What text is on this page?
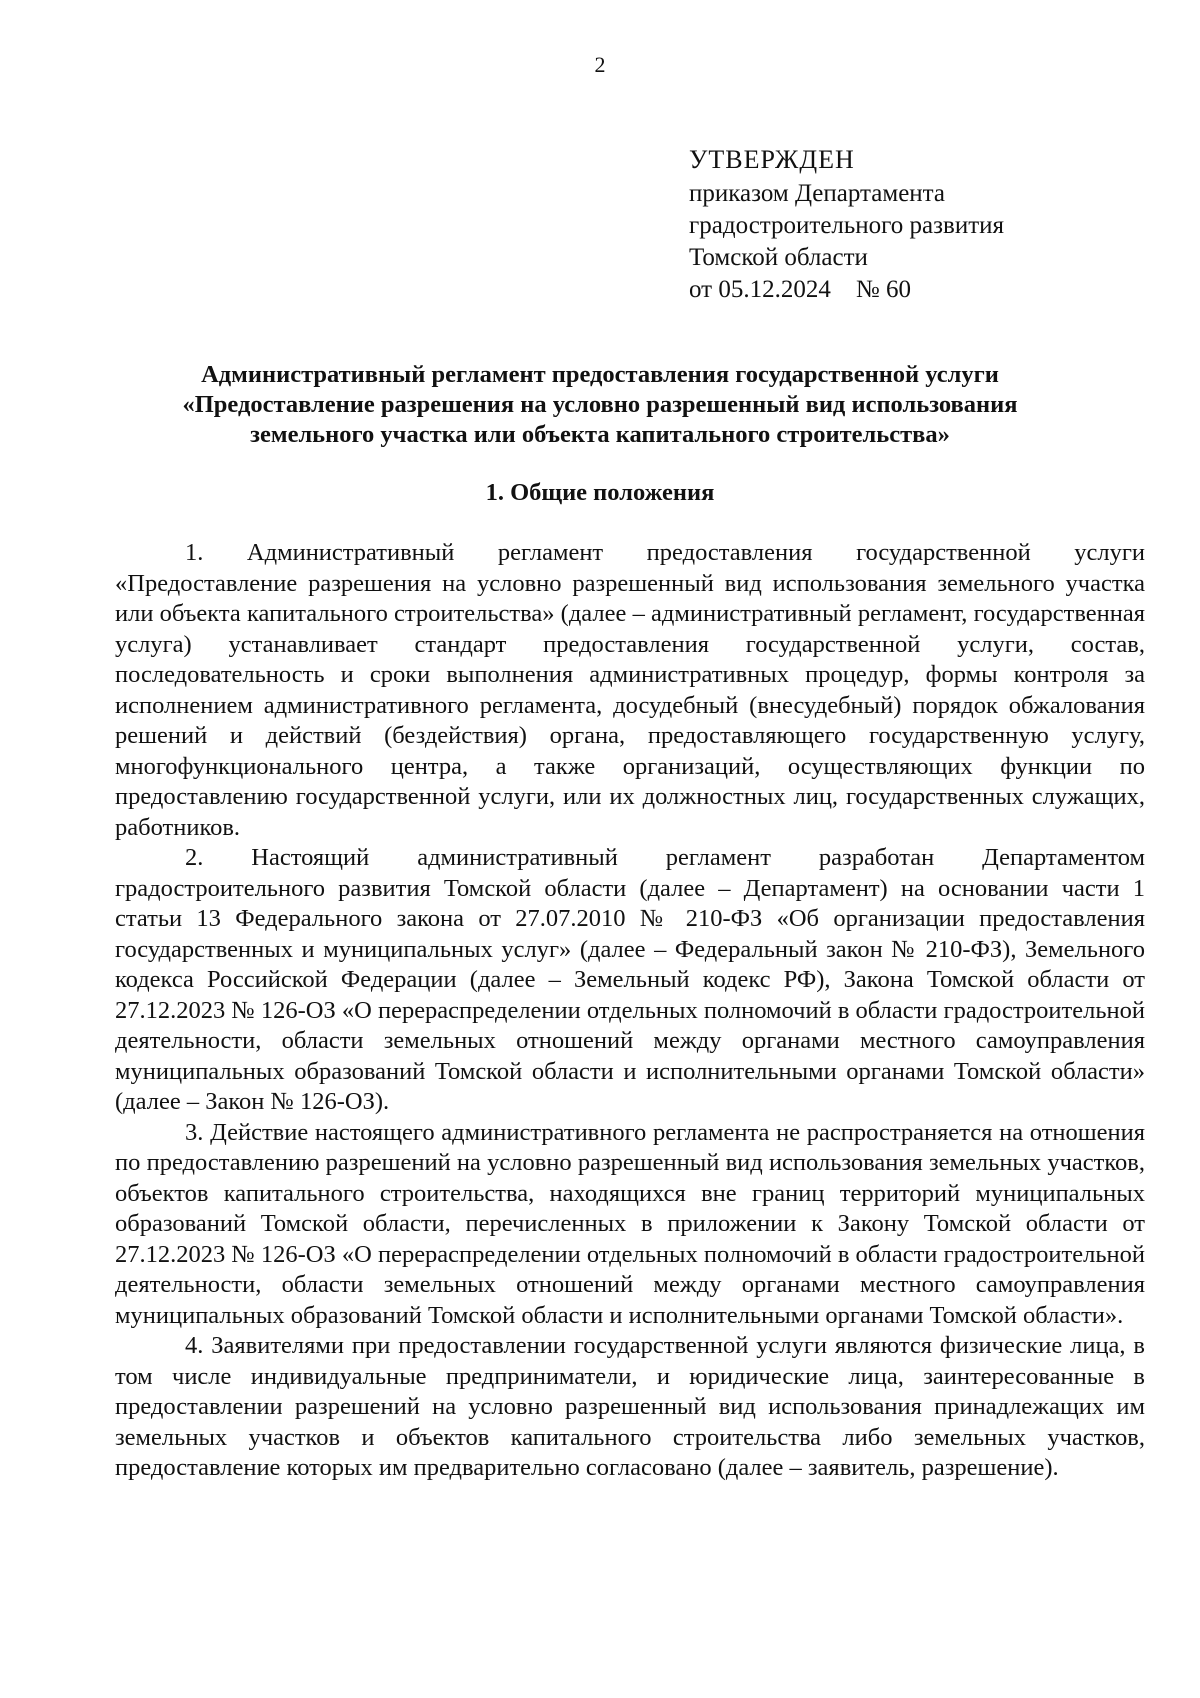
2
УТВЕРЖДЕН
приказом Департамента
градостроительного развития
Томской области
от 05.12.2024    № 60
Административный регламент предоставления государственной услуги
«Предоставление разрешения на условно разрешенный вид использования
земельного участка или объекта капитального строительства»
1. Общие положения

1. Административный регламент предоставления государственной услуги «Предоставление разрешения на условно разрешенный вид использования земельного участка или объекта капитального строительства» (далее – административный регламент, государственная услуга) устанавливает стандарт предоставления государственной услуги, состав, последовательность и сроки выполнения административных процедур, формы контроля за исполнением административного регламента, досудебный (внесудебный) порядок обжалования решений и действий (бездействия) органа, предоставляющего государственную услугу, многофункционального центра, а также организаций, осуществляющих функции по предоставлению государственной услуги, или их должностных лиц, государственных служащих, работников.

2. Настоящий административный регламент разработан Департаментом градостроительного развития Томской области (далее – Департамент) на основании части 1 статьи 13 Федерального закона от 27.07.2010 № 210-ФЗ «Об организации предоставления государственных и муниципальных услуг» (далее – Федеральный закон № 210-ФЗ), Земельного кодекса Российской Федерации (далее – Земельный кодекс РФ), Закона Томской области от 27.12.2023 № 126-ОЗ «О перераспределении отдельных полномочий в области градостроительной деятельности, области земельных отношений между органами местного самоуправления муниципальных образований Томской области и исполнительными органами Томской области» (далее – Закон № 126-ОЗ).

3. Действие настоящего административного регламента не распространяется на отношения по предоставлению разрешений на условно разрешенный вид использования земельных участков, объектов капитального строительства, находящихся вне границ территорий муниципальных образований Томской области, перечисленных в приложении к Закону Томской области от 27.12.2023 № 126-ОЗ «О перераспределении отдельных полномочий в области градостроительной деятельности, области земельных отношений между органами местного самоуправления муниципальных образований Томской области и исполнительными органами Томской области».

4. Заявителями при предоставлении государственной услуги являются физические лица, в том числе индивидуальные предприниматели, и юридические лица, заинтересованные в предоставлении разрешений на условно разрешенный вид использования принадлежащих им земельных участков и объектов капитального строительства либо земельных участков, предоставление которых им предварительно согласовано (далее – заявитель, разрешение).
